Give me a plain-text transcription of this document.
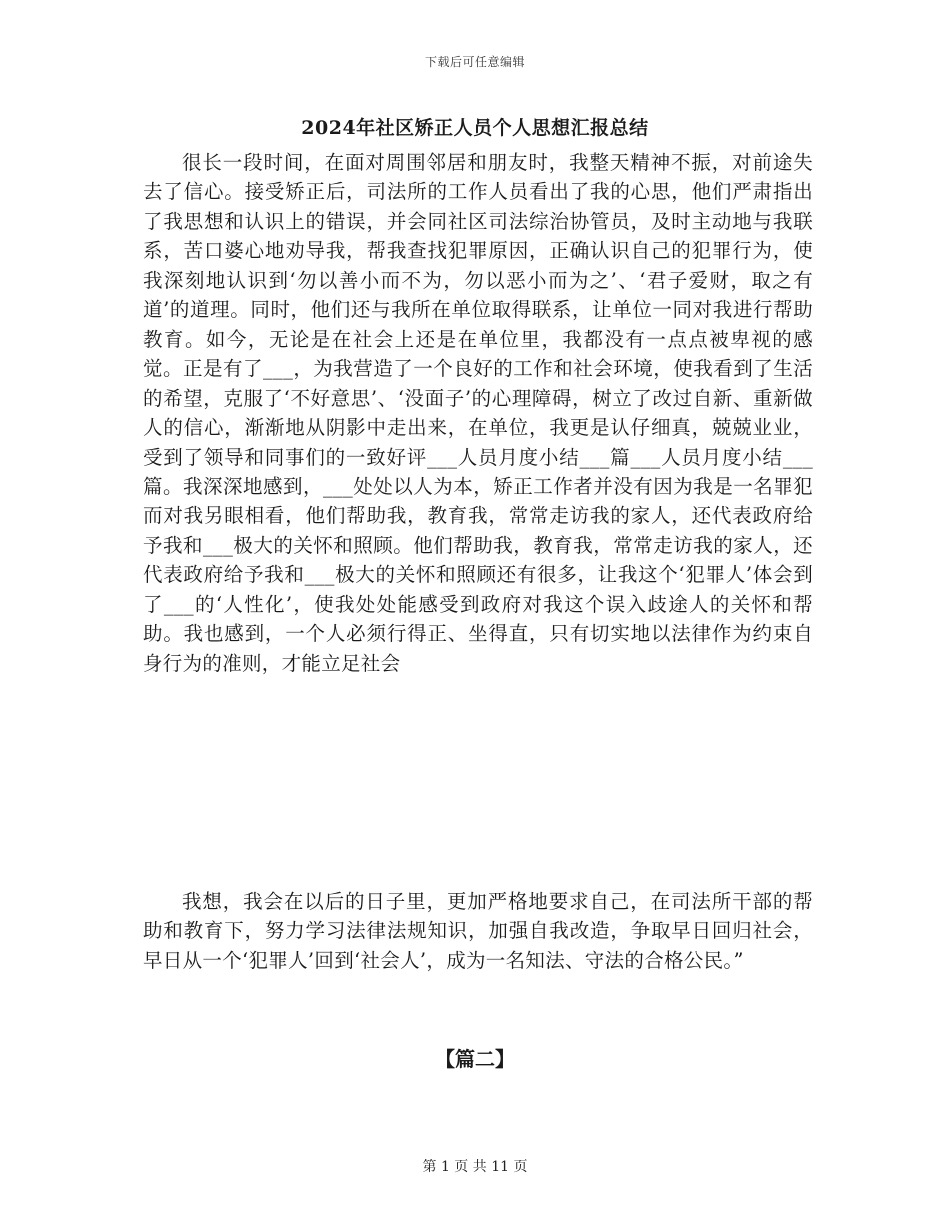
下载后可任意编辑
2024年社区矫正人员个人思想汇报总结

很长一段时间，在面对周围邻居和朋友时，我整天精神不振，对前途失去了信心。接受矫正后，司法所的工作人员看出了我的心思，他们严肃指出了我思想和认识上的错误，并会同社区司法综治协管员，及时主动地与我联系，苦口婆心地劝导我，帮我查找犯罪原因，正确认识自己的犯罪行为，使我深刻地认识到‘勿以善小而不为，勿以恶小而为之’、‘君子爱财，取之有道’的道理。同时，他们还与我所在单位取得联系，让单位一同对我进行帮助教育。如今，无论是在社会上还是在单位里，我都没有一点点被卑视的感觉。正是有了___，为我营造了一个良好的工作和社会环境，使我看到了生活的希望，克服了‘不好意思’、‘没面子’的心理障碍，树立了改过自新、重新做人的信心，渐渐地从阴影中走出来，在单位，我更是认仔细真，兢兢业业，受到了领导和同事们的一致好评___人员月度小结___篇___人员月度小结___篇。我深深地感到，___处处以人为本，矫正工作者并没有因为我是一名罪犯而对我另眼相看，他们帮助我，教育我，常常走访我的家人，还代表政府给予我和___极大的关怀和照顾。他们帮助我，教育我，常常走访我的家人，还代表政府给予我和___极大的关怀和照顾还有很多，让我这个‘犯罪人’体会到了___的‘人性化’，使我处处能感受到政府对我这个误入歧途人的关怀和帮助。我也感到，一个人必须行得正、坐得直，只有切实地以法律作为约束自身行为的准则，才能立足社会

我想，我会在以后的日子里，更加严格地要求自己，在司法所干部的帮助和教育下，努力学习法律法规知识，加强自我改造，争取早日回归社会，早日从一个‘犯罪人’回到‘社会人’，成为一名知法、守法的合格公民。”

【篇二】
第 1 页 共 11 页
